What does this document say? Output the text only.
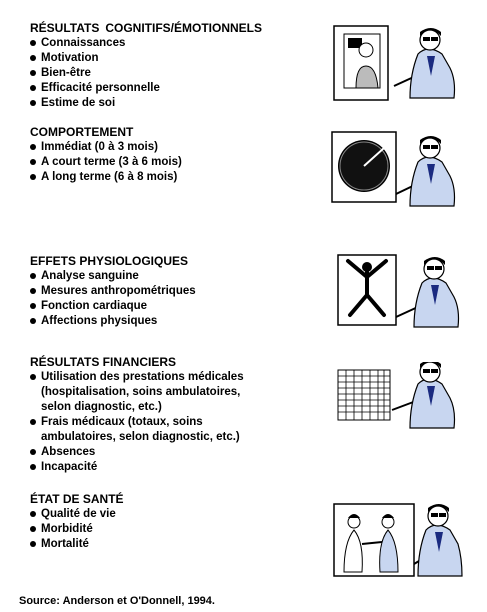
RÉSULTATS COGNITIFS/ÉMOTIONNELS
Connaissances
Motivation
Bien-être
Efficacité personnelle
Estime de soi
COMPORTEMENT
Immédiat (0 à 3 mois)
A court terme (3 à 6 mois)
A long terme (6 à 8 mois)
EFFETS PHYSIOLOGIQUES
Analyse sanguine
Mesures anthropométriques
Fonction cardiaque
Affections physiques
RÉSULTATS FINANCIERS
Utilisation des prestations médicales
(hospitalisation, soins ambulatoires,
selon diagnostic, etc.)
Frais médicaux (totaux, soins
ambulatoires, selon diagnostic, etc.)
Absences
Incapacité
ÉTAT DE SANTÉ
Qualité de vie
Morbidité
Mortalité
Source: Anderson et O'Donnell, 1994.
